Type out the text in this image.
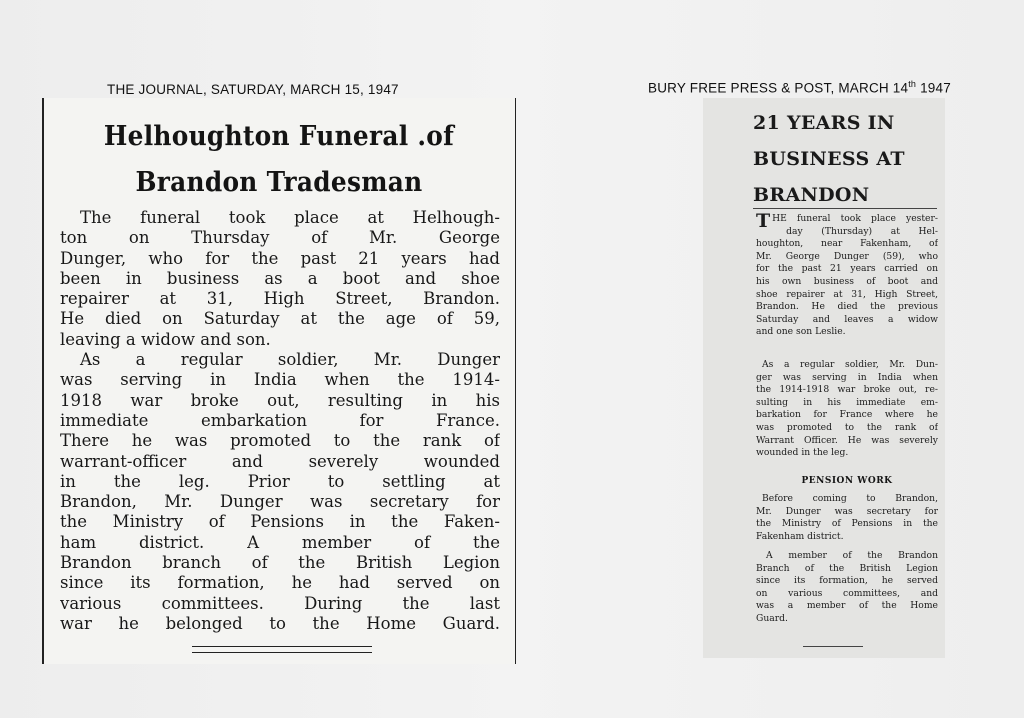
THE JOURNAL, SATURDAY, MARCH 15, 1947	BURY FREE PRESS & POST, MARCH 14th 1947
Helhoughton Funeral .of
Brandon Tradesman
The funeral took place at Helhough-
ton on Thursday of Mr. George
Dunger, who for the past 21 years had
been in business as a boot and shoe
repairer at 31, High Street, Brandon.
He died on Saturday at the age of 59,
leaving a widow and son.
As a regular soldier, Mr. Dunger
was serving in India when the 1914-
1918 war broke out, resulting in his
immediate embarkation for France.
There he was promoted to the rank of
warrant-officer and severely wounded
in the leg. Prior to settling at
Brandon, Mr. Dunger was secretary for
the Ministry of Pensions in the Faken-
ham district. A member of the
Brandon branch of the British Legion
since its formation, he had served on
various committees. During the last
war he belonged to the Home Guard.
21 YEARS IN
BUSINESS AT
BRANDON
T HE funeral took place yester-
day (Thursday) at Hel-
houghton, near Fakenham, of
Mr. George Dunger (59), who
for the past 21 years carried on
his own business of boot and
shoe repairer at 31, High Street,
Brandon. He died the previous
Saturday and leaves a widow
and one son Leslie.
As a regular soldier, Mr. Dun-
ger was serving in India when
the 1914-1918 war broke out, re-
sulting in his immediate em-
barkation for France where he
was promoted to the rank of
Warrant Officer. He was severely
wounded in the leg.
PENSION WORK
Before coming to Brandon,
Mr. Dunger was secretary for
the Ministry of Pensions in the
Fakenham district.
A member of the Brandon
Branch of the British Legion
since its formation, he served
on various committees, and
was a member of the Home
Guard.
